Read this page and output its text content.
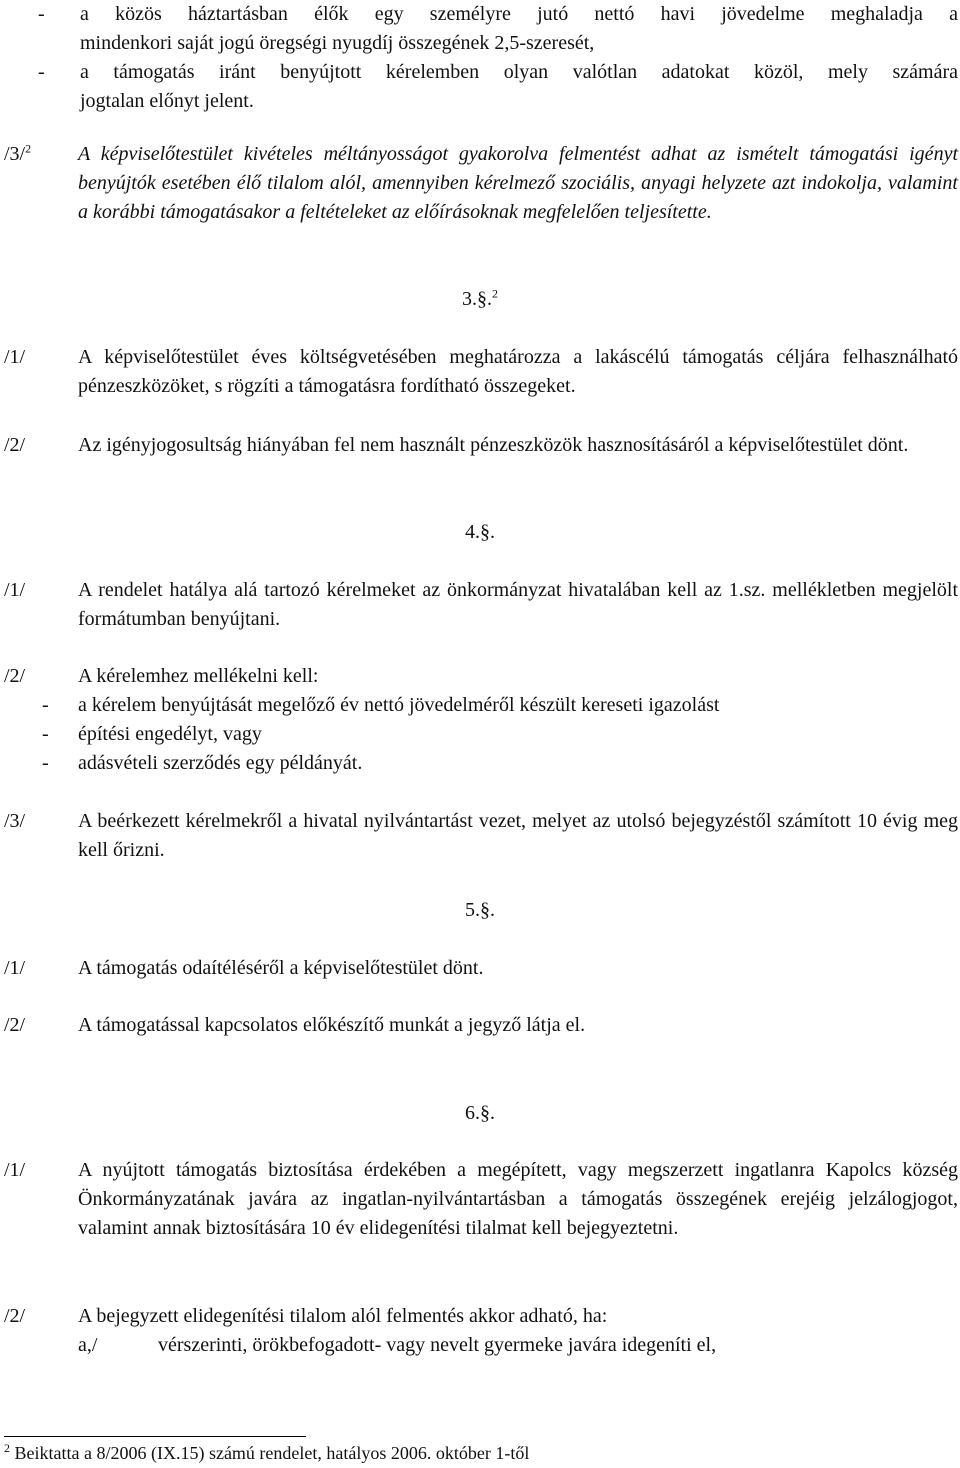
-	a közös háztartásban élők egy személyre jutó nettó havi jövedelme meghaladja a
mindenkori saját jogú öregségi nyugdíj összegének 2,5-szeresét,
-	a támogatás iránt benyújtott kérelemben olyan valótlan adatokat közöl, mely számára
jogtalan előnyt jelent.
/3/$^2$	A képviselőtestület kivételes méltányosságot gyakorolva felmentést adhat az ismételt támogatási igényt benyújtók esetében élő tilalom alól, amennyiben kérelmező szociális, anyagi helyzete azt indokolja, valamint a korábbi támogatásakor a feltételeket az előírásoknak megfelelően teljesítette.
3.§.$^2$
/1/	A képviselőtestület éves költségvetésében meghatározza a lakáscélú támogatás céljára felhasználható pénzeszközöket, s rögzíti a támogatásra fordítható összegeket.
/2/	Az igényjogosultság hiányában fel nem használt pénzeszközök hasznosításáról a képviselőtestület dönt.
4.§.
/1/	A rendelet hatálya alá tartozó kérelmeket az önkormányzat hivatalában kell az 1.sz. mellékletben megjelölt formátumban benyújtani.
/2/	A kérelemhez mellékelni kell:
-	a kérelem benyújtását megelőző év nettó jövedelméről készült kereseti igazolást
-	építési engedélyt, vagy
-	adásvételi szerződés egy példányát.
/3/	A beérkezett kérelmekről a hivatal nyilvántartást vezet, melyet az utolsó bejegyzéstől számított 10 évig meg kell őrizni.
5.§.
/1/	A támogatás odaítéléséről a képviselőtestület dönt.
/2/	A támogatással kapcsolatos előkészítő munkát a jegyző látja el.
6.§.
/1/	A nyújtott támogatás biztosítása érdekében a megépített, vagy megszerzett ingatlanra Kapolcs község Önkormányzatának javára az ingatlan-nyilvántartásban a támogatás összegének erejéig jelzálogjogot, valamint annak biztosítására 10 év elidegenítési tilalmat kell bejegyeztetni.
/2/	A bejegyzett elidegenítési tilalom alól felmentés akkor adható, ha:
a,/	vérszerinti, örökbefogadott- vagy nevelt gyermeke javára idegeníti el,
$^2$ Beiktatta a 8/2006 (IX.15) számú rendelet, hatályos 2006. október 1-től
